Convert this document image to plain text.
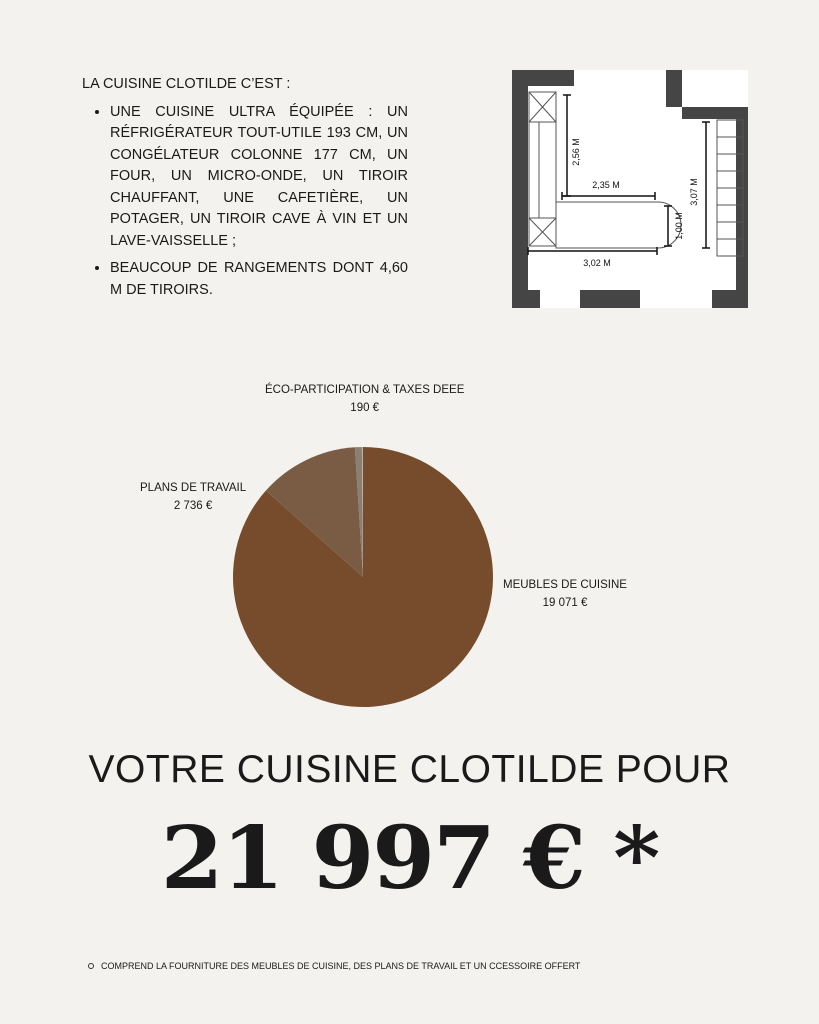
LA CUISINE CLOTILDE C’EST :

• UNE CUISINE ULTRA ÉQUIPÉE : UN RÉFRIGÉRATEUR TOUT-UTILE 193 CM, UN CONGÉLATEUR COLONNE 177 CM, UN FOUR, UN MICRO-ONDE, UN TIROIR CHAUFFANT, UNE CAFETIÈRE, UN POTAGER, UN TIROIR CAVE À VIN ET UN LAVE-VAISSELLE ;
• BEAUCOUP DE RANGEMENTS DONT 4,60 M DE TIROIRS.
2,56 M
2,35 M	3,07 M
1,00 M
3,02 M
ÉCO-PARTICIPATION & TAXES DEEE
190 €
PLANS DE TRAVAIL
2 736 €
MEUBLES DE CUISINE
19 071 €
VOTRE CUISINE CLOTILDE POUR

21 997 € *

COMPREND LA FOURNITURE DES MEUBLES DE CUISINE, DES PLANS DE TRAVAIL ET UN CCESSOIRE OFFERT
